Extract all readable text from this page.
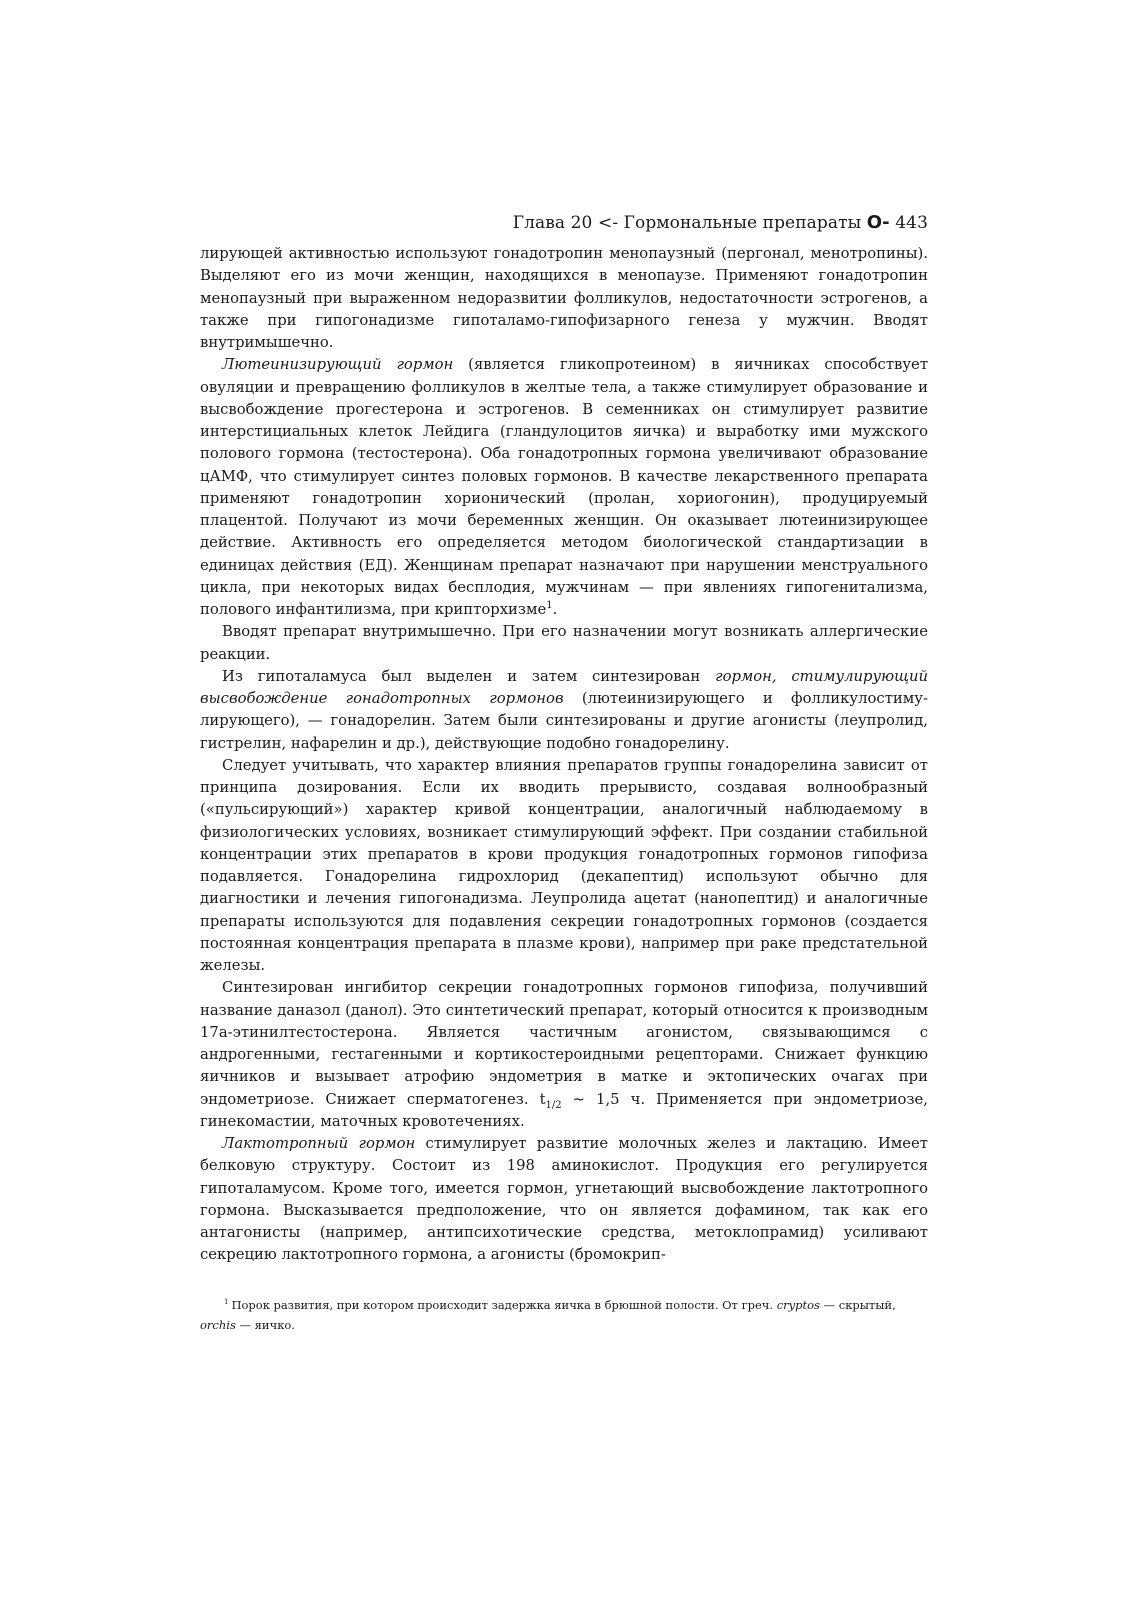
Глава 20 <- Гормональные препараты О- 443

лирующей активностью используют гонадотропин менопаузный (пергонал, менотропины). Выделяют его из мочи женщин, находящихся в менопаузе. Применяют гонадотропин менопаузный при выраженном недоразвитии фолликулов, недостаточности эстрогенов, а также при гипогонадизме гипоталамо-гипофизарного генеза у мужчин. Вводят внутримышечно.

Лютеинизирующий гормон (является гликопротеином) в яичниках способствует овуляции и превращению фолликулов в желтые тела, а также стимулирует образование и высвобождение прогестерона и эстрогенов. В семенниках он стимулирует развитие интерстициальных клеток Лейдига (гландулоцитов яичка) и выработку ими мужского полового гормона (тестостерона). Оба гонадотропных гормона увеличивают образование цАМФ, что стимулирует синтез половых гормонов. В качестве лекарственного препарата применяют гонадотропин хорионический (пролан, хориогонин), продуцируемый плацентой. Получают из мочи беременных женщин. Он оказывает лютеинизирующее действие. Активность его определяется методом биологической стандартизации в единицах действия (ЕД). Женщинам препарат назначают при нарушении менструального цикла, при некоторых видах бесплодия, мужчинам — при явлениях гипогенитализма, полового инфантилизма, при крипторхизме$^1$.

Вводят препарат внутримышечно. При его назначении могут возникать аллергические реакции.

Из гипоталамуса был выделен и затем синтезирован гормон, стимулирующий высвобождение гонадотропных гормонов (лютеинизирующего и фолликулостимулирующего), — гонадорелин. Затем были синтезированы и другие агонисты (леупролид, гистрелин, нафарелин и др.), действующие подобно гонадорелину.

Следует учитывать, что характер влияния препаратов группы гонадорелина зависит от принципа дозирования. Если их вводить прерывисто, создавая волнообразный («пульсирующий») характер кривой концентрации, аналогичный наблюдаемому в физиологических условиях, возникает стимулирующий эффект. При создании стабильной концентрации этих препаратов в крови продукция гонадотропных гормонов гипофиза подавляется. Гонадорелина гидрохлорид (декапептид) используют обычно для диагностики и лечения гипогонадизма. Леупролида ацетат (нанопептид) и аналогичные препараты используются для подавления секреции гонадотропных гормонов (создается постоянная концентрация препарата в плазме крови), например при раке предстательной железы.

Синтезирован ингибитор секреции гонадотропных гормонов гипофиза, получивший название даназол (данол). Это синтетический препарат, который относится к производным 17а-этинилтестостерона. Является частичным агонистом, связывающимся с андрогенными, гестагенными и кортикостероидными рецепторами. Снижает функцию яичников и вызывает атрофию эндометрия в матке и эктопических очагах при эндометриозе. Снижает сперматогенез. $t_{1/2}$ ~ 1,5 ч. Применяется при эндометриозе, гинекомастии, маточных кровотечениях.

Лактотропный гормон стимулирует развитие молочных желез и лактацию. Имеет белковую структуру. Состоит из 198 аминокислот. Продукция его регулируется гипоталамусом. Кроме того, имеется гормон, угнетающий высвобождение лактотропного гормона. Высказывается предположение, что он является дофамином, так как его антагонисты (например, антипсихотические средства, метоклопрамид) усиливают секрецию лактотропного гормона, а агонисты (бромокрип-

$^1$ Порок развития, при котором происходит задержка яичка в брюшной полости. От греч. cryptos — скрытый, orchis — яичко.
